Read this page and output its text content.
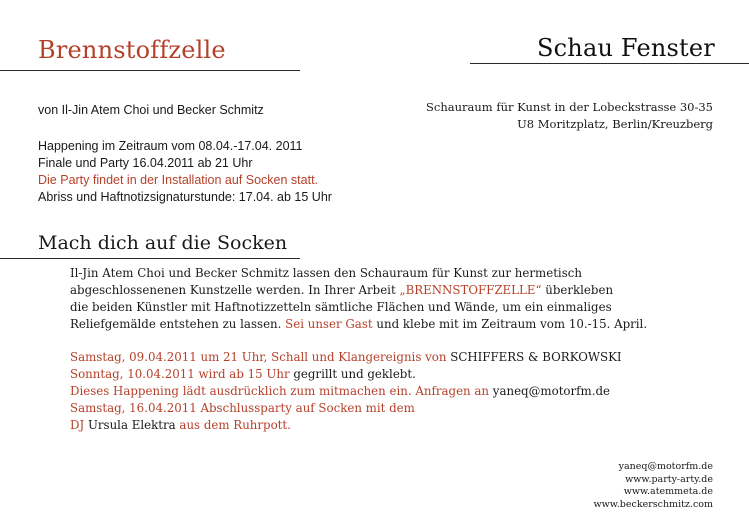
Brennstoffzelle	Schau Fenster
von Il-Jin Atem Choi und Becker Schmitz	Schauraum für Kunst in der Lobeckstrasse 30-35
U8 Moritzplatz, Berlin/Kreuzberg
Happening im Zeitraum vom 08.04.-17.04. 2011
Finale und Party 16.04.2011 ab 21 Uhr
Die Party findet in der Installation auf Socken statt.
Abriss und Haftnotizsignaturstunde: 17.04. ab 15 Uhr
Mach dich auf die Socken
Il-Jin Atem Choi und Becker Schmitz lassen den Schauraum für Kunst zur hermetisch
abgeschlossenenen Kunstzelle werden. In Ihrer Arbeit „BRENNSTOFFZELLE“ überkleben
die beiden Künstler mit Haftnotizzetteln sämtliche Flächen und Wände, um ein einmaliges
Reliefgemälde entstehen zu lassen. Sei unser Gast und klebe mit im Zeitraum vom 10.-15. April.
Samstag, 09.04.2011 um 21 Uhr, Schall und Klangereignis von SCHIFFERS & BORKOWSKI
Sonntag, 10.04.2011 wird ab 15 Uhr gegrillt und geklebt.
Dieses Happening lädt ausdrücklich zum mitmachen ein. Anfragen an yaneq@motorfm.de
Samstag, 16.04.2011 Abschlussparty auf Socken mit dem
DJ Ursula Elektra aus dem Ruhrpott.
yaneq@motorfm.de
www.party-arty.de
www.atemmeta.de
www.beckerschmitz.com
